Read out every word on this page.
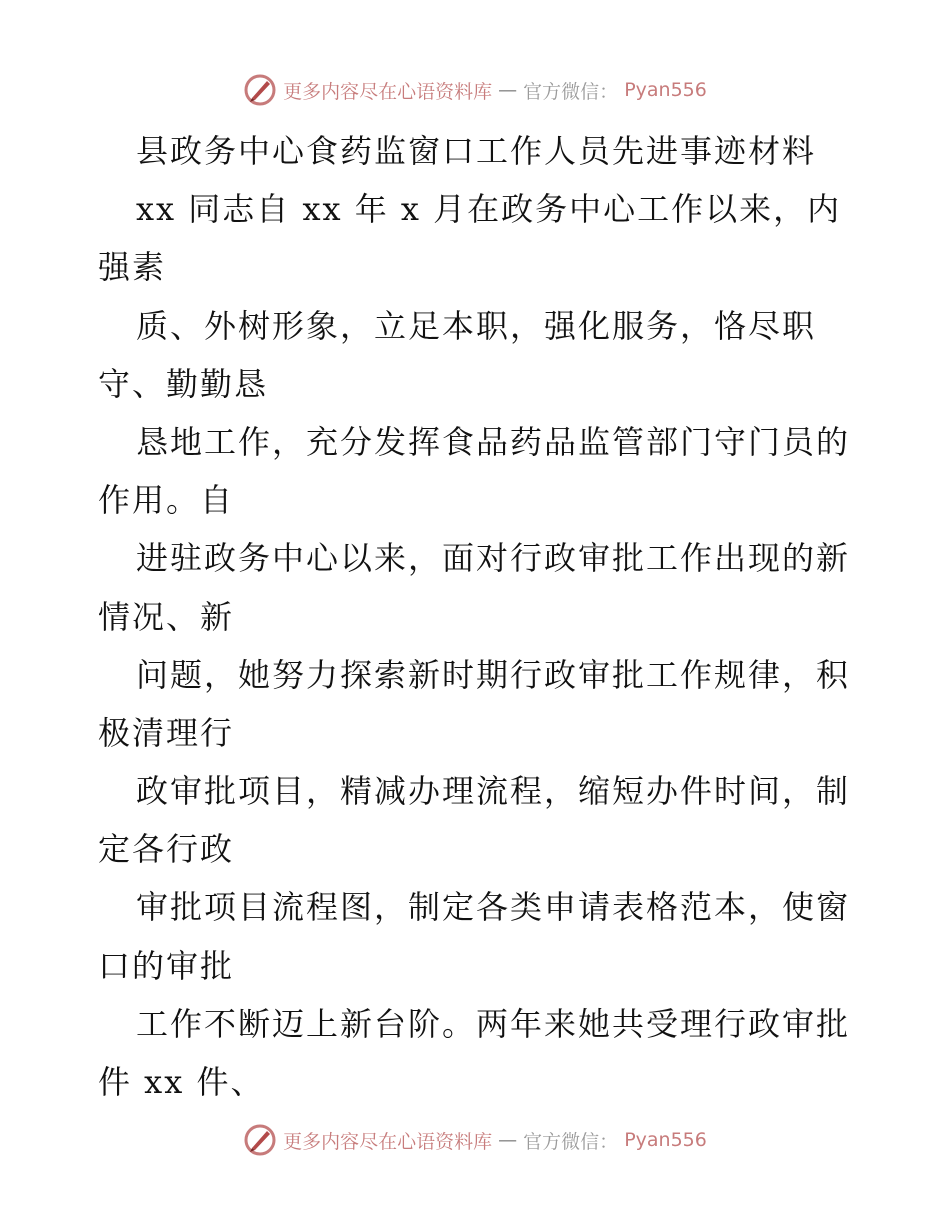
更多内容尽在心语资料库 — 官方微信： Pyan556
县政务中心食药监窗口工作人员先进事迹材料
xx 同志自 xx 年 x 月在政务中心工作以来，内
强素
质、外树形象，立足本职，强化服务，恪尽职
守、勤勤恳
恳地工作，充分发挥食品药品监管部门守门员的
作用。自
进驻政务中心以来，面对行政审批工作出现的新
情况、新
问题，她努力探索新时期行政审批工作规律，积
极清理行
政审批项目，精减办理流程，缩短办件时间，制
定各行政
审批项目流程图，制定各类申请表格范本，使窗
口的审批
工作不断迈上新台阶。两年来她共受理行政审批
件 xx 件、
更多内容尽在心语资料库 — 官方微信： Pyan556
